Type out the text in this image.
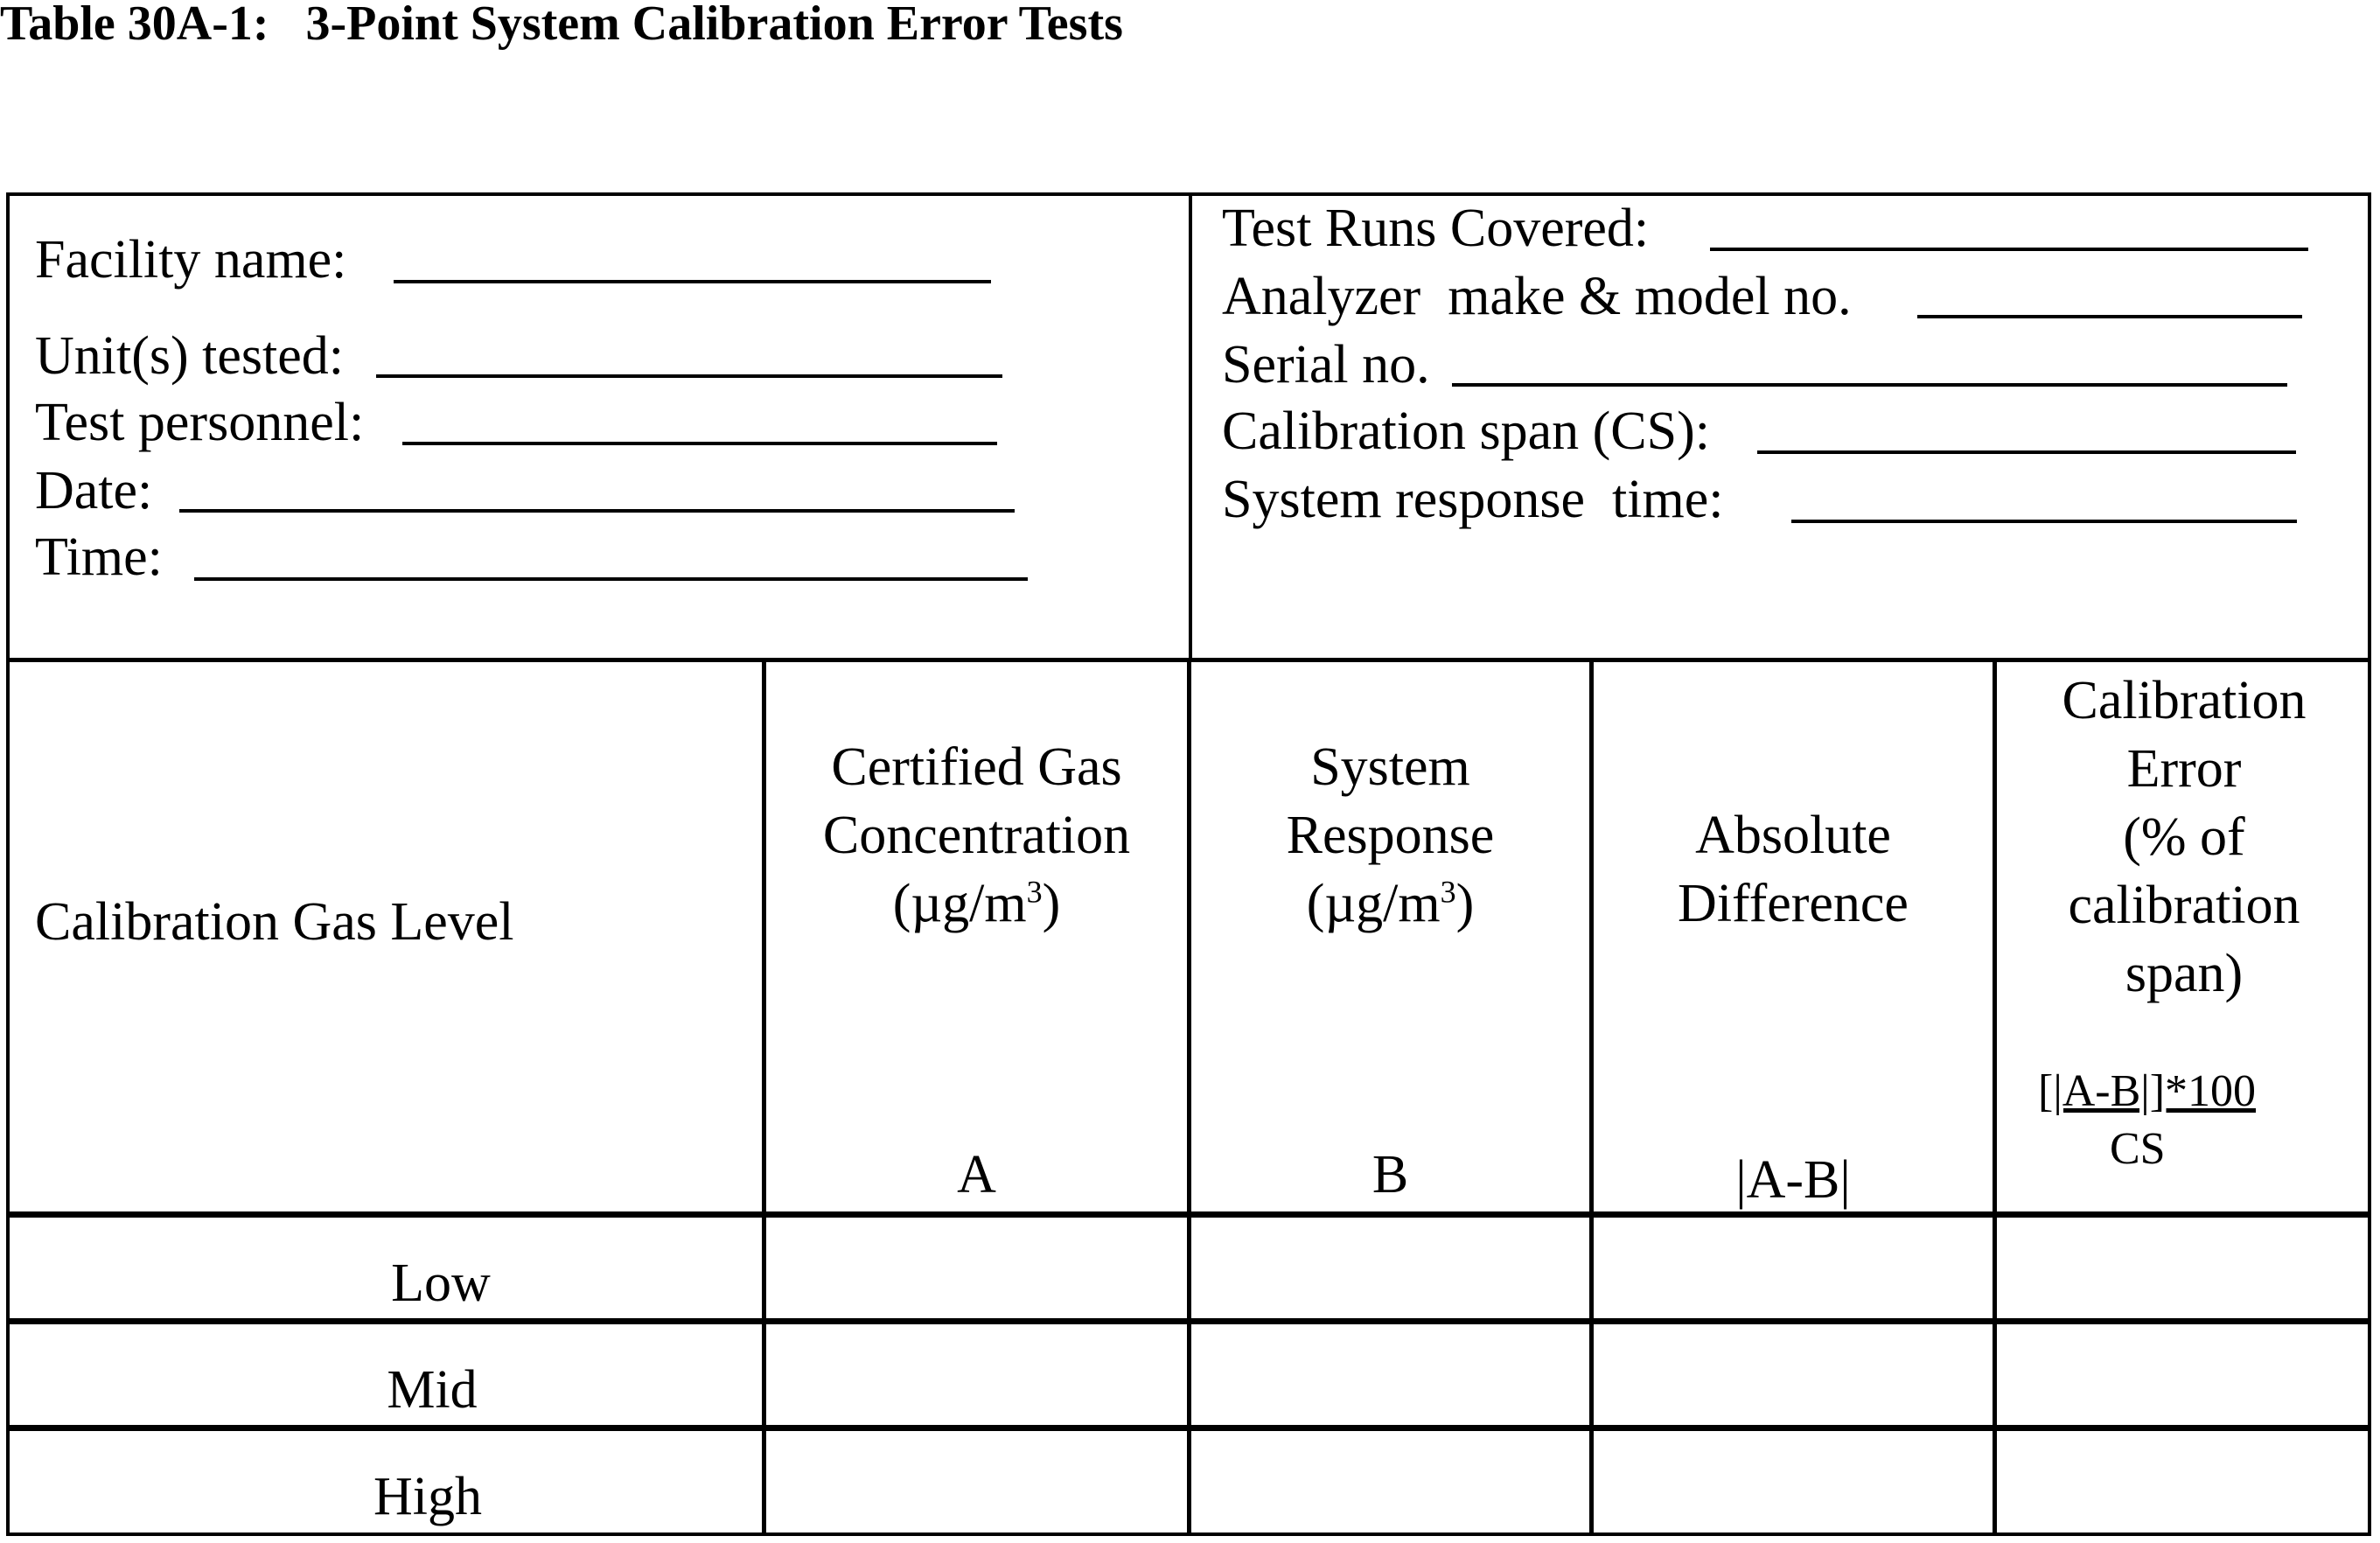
Table 30A-1:   3-Point System Calibration Error Tests
Facility name:
Unit(s) tested:
Test personnel:
Date:
Time:
Test Runs Covered:
Analyzer  make & model no.
Serial no.
Calibration span (CS):
System response  time:
Calibration Gas Level
Certified Gas
Concentration
$(\mu g/m^3)$
A
System
Response
$(\mu g/m^3)$
B
Absolute
Difference
|A-B|
Calibration
Error
(% of
calibration
span)
[|A-B|]*100
CS
Low
Mid
High
